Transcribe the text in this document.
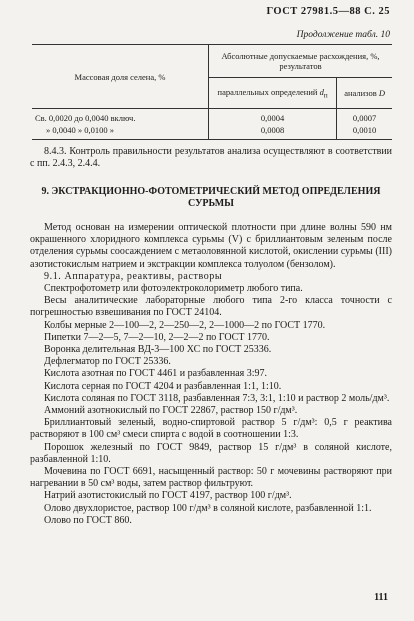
ГОСТ 27981.5—88 С. 25
Продолжение табл. 10
Массовая доля селена, %	Абсолютные допускаемые расхождения, %, результатов	
	параллельных определений $d_п$	анализов D
Св. 0,0020 до 0,0040 включ.	0,0004	0,0007
» 0,0040 » 0,0100 »	0,0008	0,0010

8.4.3. Контроль правильности результатов анализа осуществляют в соответствии с пп. 2.4.3, 2.4.4.

9. ЭКСТРАКЦИОННО-ФОТОМЕТРИЧЕСКИЙ МЕТОД ОПРЕДЕЛЕНИЯ СУРЬМЫ

Метод основан на измерении оптической плотности при длине волны 590 нм окрашенного хлоридного комплекса сурьмы (V) с бриллиантовым зеленым после отделения сурьмы соосаждением с метаоловянной кислотой, окислении сурьмы (III) азотистокислым натрием и экстракции комплекса толуолом (бензолом).

9.1. Аппаратура, реактивы, растворы

Спектрофотометр или фотоэлектроколориметр любого типа.

Весы аналитические лабораторные любого типа 2-го класса точности с погрешностью взвешивания по ГОСТ 24104.

Колбы мерные 2—100—2, 2—250—2, 2—1000—2 по ГОСТ 1770.

Пипетки 7—2—5, 7—2—10, 2—2—2 по ГОСТ 1770.

Воронка делительная ВД-3—100 ХС по ГОСТ 25336.

Дефлегматор по ГОСТ 25336.

Кислота азотная по ГОСТ 4461 и разбавленная 3:97.

Кислота серная по ГОСТ 4204 и разбавленная 1:1, 1:10.

Кислота соляная по ГОСТ 3118, разбавленная 7:3, 3:1, 1:10 и раствор 2 моль/дм³.

Аммоний азотнокислый по ГОСТ 22867, раствор 150 г/дм³.

Бриллиантовый зеленый, водно-спиртовой раствор 5 г/дм³: 0,5 г реактива растворяют в 100 см³ смеси спирта с водой в соотношении 1:3.

Порошок железный по ГОСТ 9849, раствор 15 г/дм³ в соляной кислоте, разбавленной 1:10.

Мочевина по ГОСТ 6691, насыщенный раствор: 50 г мочевины растворяют при нагревании в 50 см³ воды, затем раствор фильтруют.

Натрий азотистокислый по ГОСТ 4197, раствор 100 г/дм³.

Олово двухлористое, раствор 100 г/дм³ в соляной кислоте, разбавленной 1:1.

Олово по ГОСТ 860.

111
